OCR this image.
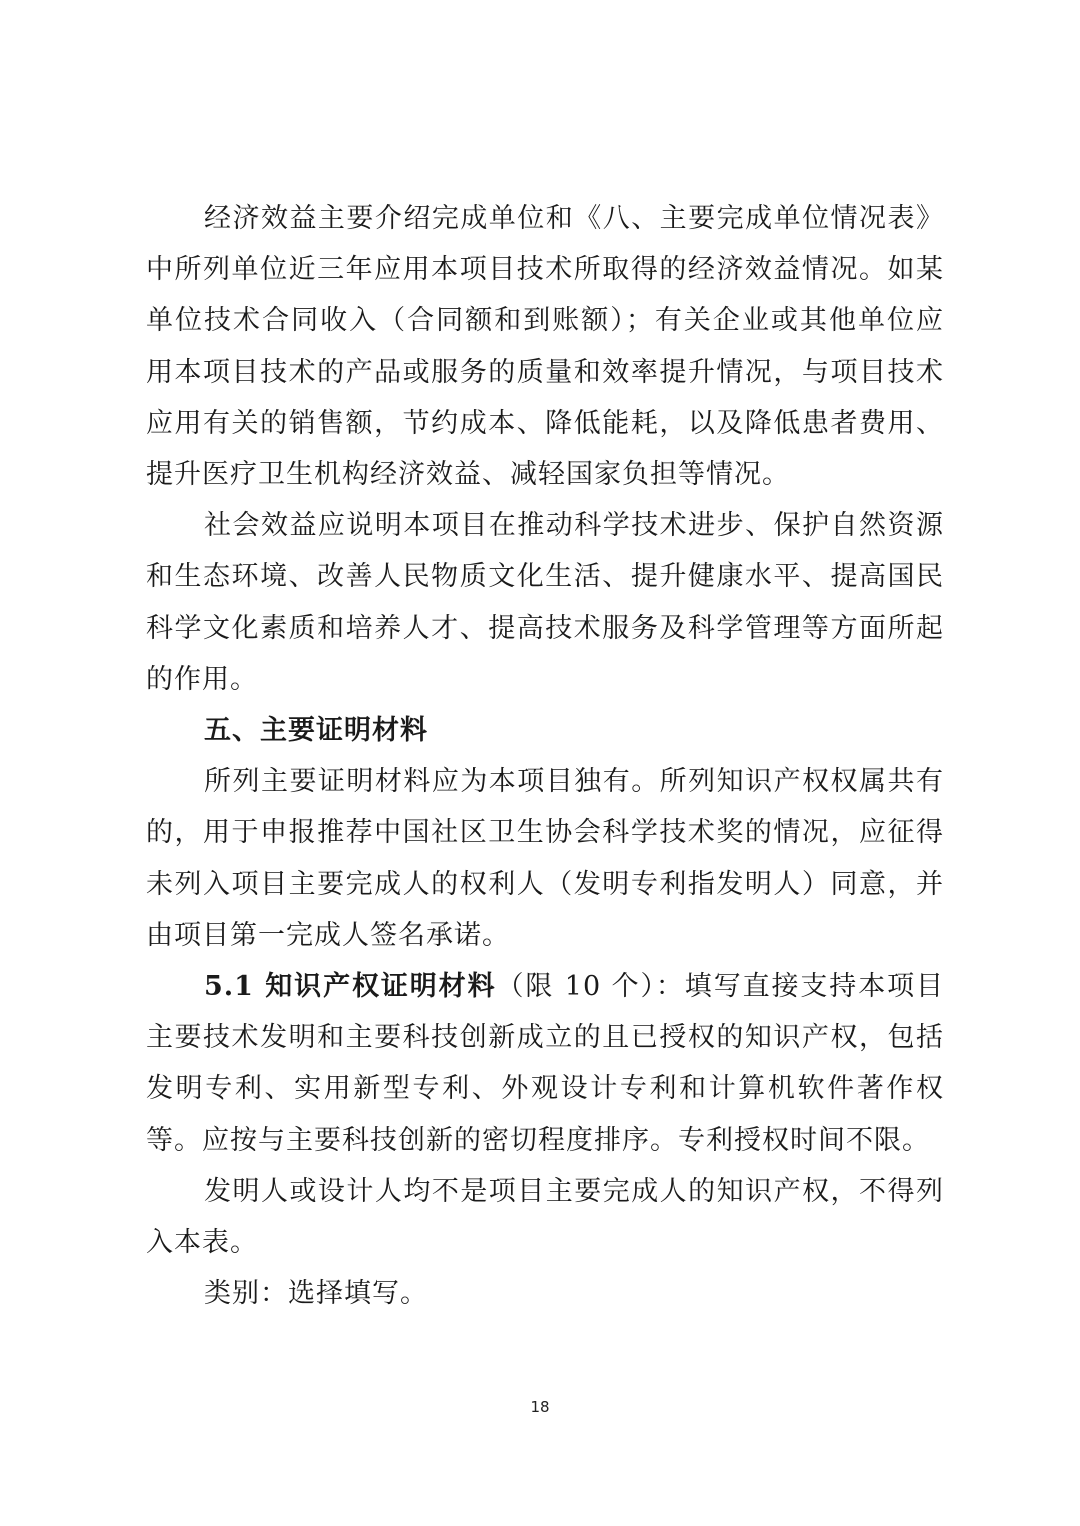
经济效益主要介绍完成单位和《八、主要完成单位情况表》中所列单位近三年应用本项目技术所取得的经济效益情况。如某单位技术合同收入（合同额和到账额）；有关企业或其他单位应用本项目技术的产品或服务的质量和效率提升情况，与项目技术应用有关的销售额，节约成本、降低能耗，以及降低患者费用、提升医疗卫生机构经济效益、减轻国家负担等情况。

社会效益应说明本项目在推动科学技术进步、保护自然资源和生态环境、改善人民物质文化生活、提升健康水平、提高国民科学文化素质和培养人才、提高技术服务及科学管理等方面所起的作用。

五、主要证明材料

所列主要证明材料应为本项目独有。所列知识产权权属共有的，用于申报推荐中国社区卫生协会科学技术奖的情况，应征得未列入项目主要完成人的权利人（发明专利指发明人）同意，并由项目第一完成人签名承诺。

5.1 知识产权证明材料（限 10 个）：填写直接支持本项目主要技术发明和主要科技创新成立的且已授权的知识产权，包括发明专利、实用新型专利、外观设计专利和计算机软件著作权等。应按与主要科技创新的密切程度排序。专利授权时间不限。

发明人或设计人均不是项目主要完成人的知识产权，不得列入本表。

类别：选择填写。

18
